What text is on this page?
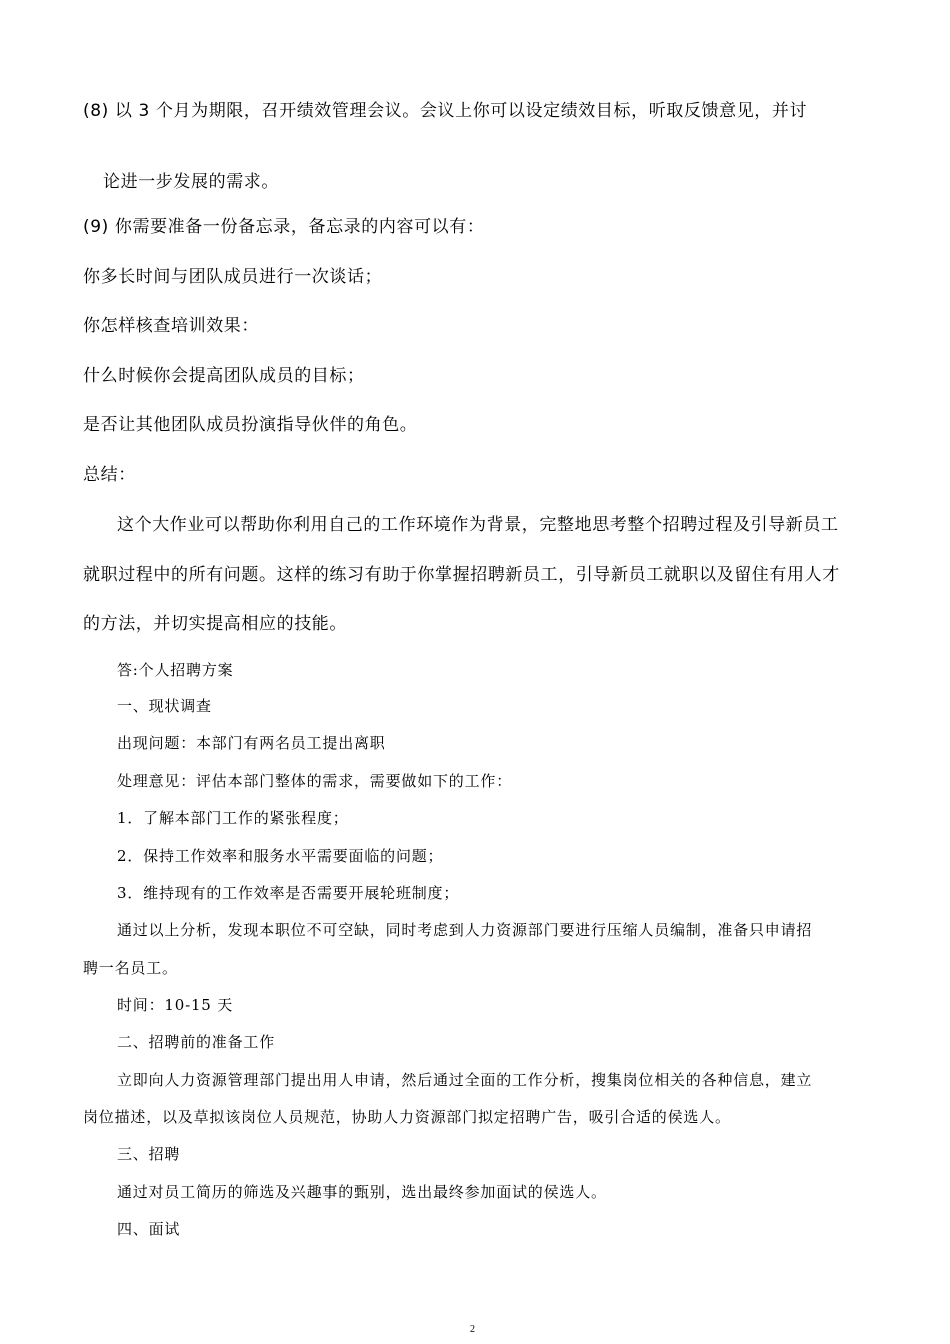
(8) 以 3 个月为期限，召开绩效管理会议。会议上你可以设定绩效目标，听取反馈意见，并讨
论进一步发展的需求。
(9) 你需要准备一份备忘录，备忘录的内容可以有：
你多长时间与团队成员进行一次谈话；
你怎样核查培训效果：
什么时候你会提高团队成员的目标；
是否让其他团队成员扮演指导伙伴的角色。
总结：
这个大作业可以帮助你利用自己的工作环境作为背景，完整地思考整个招聘过程及引导新员工
就职过程中的所有问题。这样的练习有助于你掌握招聘新员工，引导新员工就职以及留住有用人才
的方法，并切实提高相应的技能。
答:个人招聘方案
一、现状调查
出现问题：本部门有两名员工提出离职
处理意见：评估本部门整体的需求，需要做如下的工作：
1．了解本部门工作的紧张程度；
2．保持工作效率和服务水平需要面临的问题；
3．维持现有的工作效率是否需要开展轮班制度；
通过以上分析，发现本职位不可空缺，同时考虑到人力资源部门要进行压缩人员编制，准备只申请招
聘一名员工。
时间：10-15 天
二、招聘前的准备工作
立即向人力资源管理部门提出用人申请，然后通过全面的工作分析，搜集岗位相关的各种信息，建立
岗位描述，以及草拟该岗位人员规范，协助人力资源部门拟定招聘广告，吸引合适的侯选人。
三、招聘
通过对员工简历的筛选及兴趣事的甄别，选出最终参加面试的侯选人。
四、面试
2
